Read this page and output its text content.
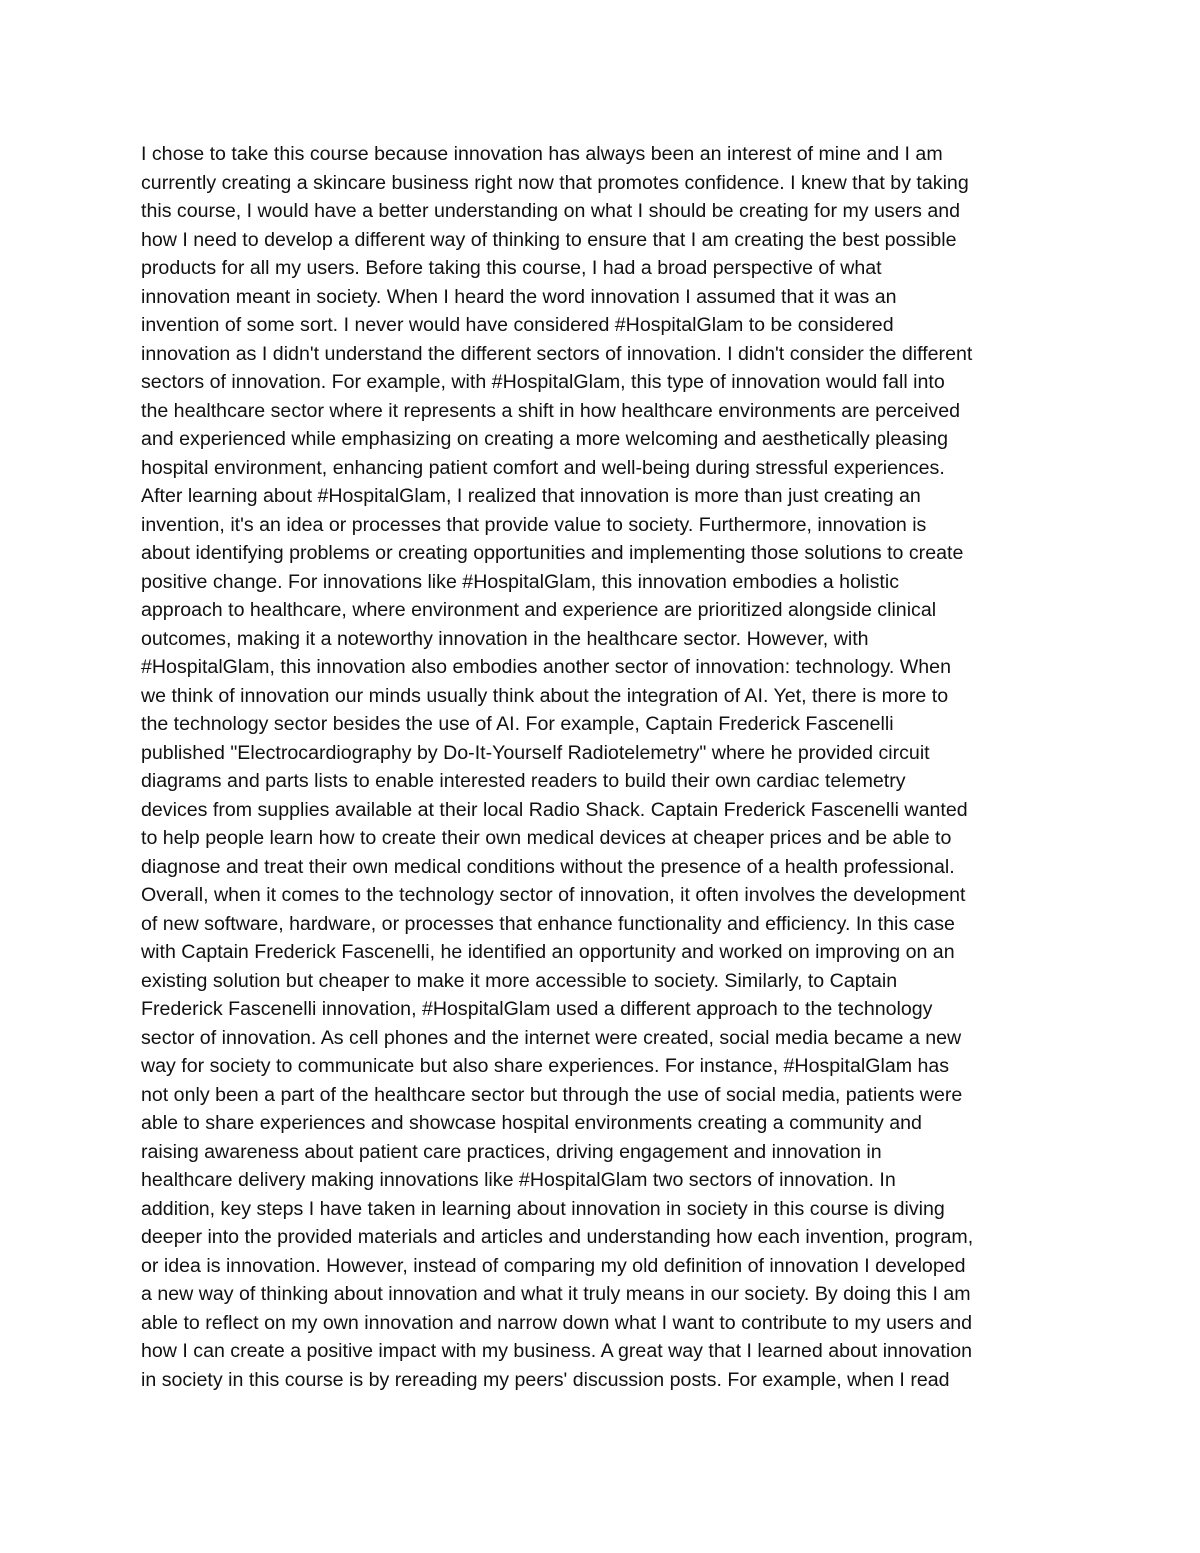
I chose to take this course because innovation has always been an interest of mine and I am
currently creating a skincare business right now that promotes confidence. I knew that by taking
this course, I would have a better understanding on what I should be creating for my users and
how I need to develop a different way of thinking to ensure that I am creating the best possible
products for all my users. Before taking this course, I had a broad perspective of what
innovation meant in society. When I heard the word innovation I assumed that it was an
invention of some sort. I never would have considered #HospitalGlam to be considered
innovation as I didn't understand the different sectors of innovation. I didn't consider the different
sectors of innovation. For example, with #HospitalGlam, this type of innovation would fall into
the healthcare sector where it represents a shift in how healthcare environments are perceived
and experienced while emphasizing on creating a more welcoming and aesthetically pleasing
hospital environment, enhancing patient comfort and well-being during stressful experiences.
After learning about #HospitalGlam, I realized that innovation is more than just creating an
invention, it's an idea or processes that provide value to society. Furthermore, innovation is
about identifying problems or creating opportunities and implementing those solutions to create
positive change. For innovations like #HospitalGlam, this innovation embodies a holistic
approach to healthcare, where environment and experience are prioritized alongside clinical
outcomes, making it a noteworthy innovation in the healthcare sector. However, with
#HospitalGlam, this innovation also embodies another sector of innovation: technology. When
we think of innovation our minds usually think about the integration of AI. Yet, there is more to
the technology sector besides the use of AI. For example, Captain Frederick Fascenelli
published "Electrocardiography by Do-It-Yourself Radiotelemetry" where he provided circuit
diagrams and parts lists to enable interested readers to build their own cardiac telemetry
devices from supplies available at their local Radio Shack. Captain Frederick Fascenelli wanted
to help people learn how to create their own medical devices at cheaper prices and be able to
diagnose and treat their own medical conditions without the presence of a health professional.
Overall, when it comes to the technology sector of innovation, it often involves the development
of new software, hardware, or processes that enhance functionality and efficiency. In this case
with Captain Frederick Fascenelli, he identified an opportunity and worked on improving on an
existing solution but cheaper to make it more accessible to society. Similarly, to Captain
Frederick Fascenelli innovation, #HospitalGlam used a different approach to the technology
sector of innovation. As cell phones and the internet were created, social media became a new
way for society to communicate but also share experiences. For instance, #HospitalGlam has
not only been a part of the healthcare sector but through the use of social media, patients were
able to share experiences and showcase hospital environments creating a community and
raising awareness about patient care practices, driving engagement and innovation in
healthcare delivery making innovations like #HospitalGlam two sectors of innovation. In
addition, key steps I have taken in learning about innovation in society in this course is diving
deeper into the provided materials and articles and understanding how each invention, program,
or idea is innovation. However, instead of comparing my old definition of innovation I developed
a new way of thinking about innovation and what it truly means in our society. By doing this I am
able to reflect on my own innovation and narrow down what I want to contribute to my users and
how I can create a positive impact with my business. A great way that I learned about innovation
in society in this course is by rereading my peers' discussion posts. For example, when I read
